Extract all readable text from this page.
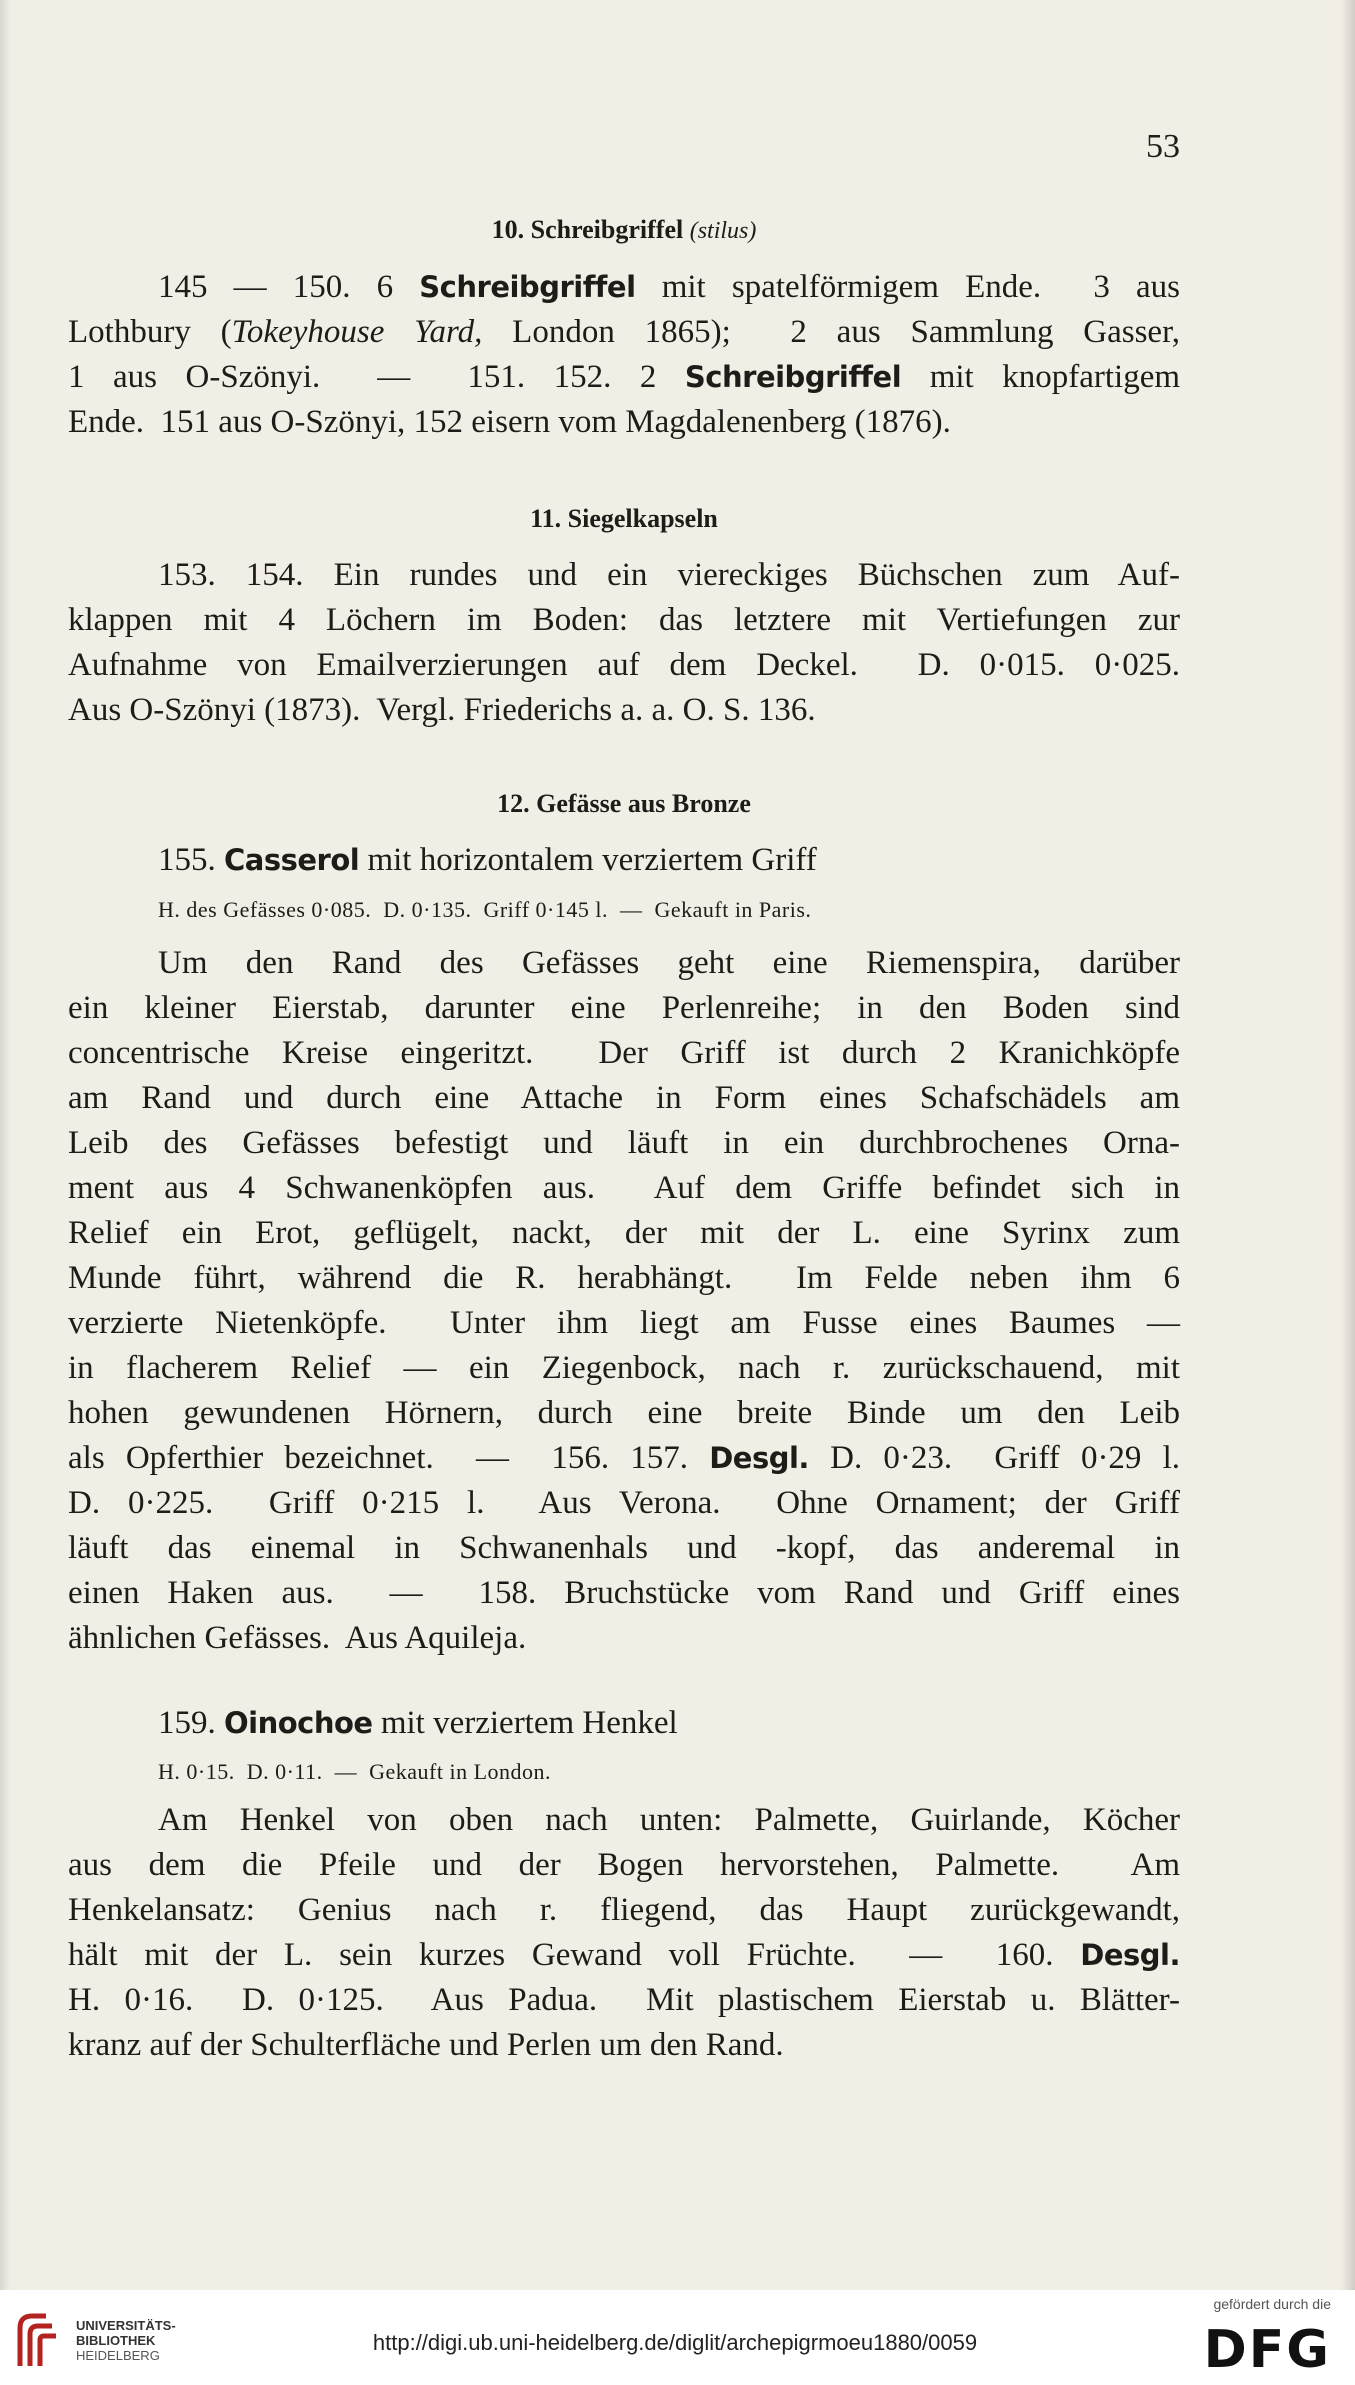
53
10. Schreibgriffel (stilus)
145 — 150. 6 Schreibgriffel mit spatelförmigem Ende.  3 aus
Lothbury (Tokeyhouse Yard, London 1865);  2 aus Sammlung Gasser,
1 aus O-Szönyi.  —  151. 152. 2 Schreibgriffel mit knopfartigem
Ende.  151 aus O-Szönyi, 152 eisern vom Magdalenenberg (1876).
11. Siegelkapseln
153. 154. Ein rundes und ein viereckiges Büchschen zum Auf-
klappen mit 4 Löchern im Boden: das letztere mit Vertiefungen zur
Aufnahme von Emailverzierungen auf dem Deckel.  D. 0·015. 0·025.
Aus O-Szönyi (1873).  Vergl. Friederichs a. a. O. S. 136.
12. Gefässe aus Bronze
155. Casserol mit horizontalem verziertem Griff
H. des Gefässes 0·085.  D. 0·135.  Griff 0·145 l.  —  Gekauft in Paris.
Um den Rand des Gefässes geht eine Riemenspira, darüber
ein kleiner Eierstab, darunter eine Perlenreihe; in den Boden sind
concentrische Kreise eingeritzt.  Der Griff ist durch 2 Kranichköpfe
am Rand und durch eine Attache in Form eines Schafschädels am
Leib des Gefässes befestigt und läuft in ein durchbrochenes Orna-
ment aus 4 Schwanenköpfen aus.  Auf dem Griffe befindet sich in
Relief ein Erot, geflügelt, nackt, der mit der L. eine Syrinx zum
Munde führt, während die R. herabhängt.  Im Felde neben ihm 6
verzierte Nietenköpfe.  Unter ihm liegt am Fusse eines Baumes —
in flacherem Relief — ein Ziegenbock, nach r. zurückschauend, mit
hohen gewundenen Hörnern, durch eine breite Binde um den Leib
als Opferthier bezeichnet.  —  156. 157. Desgl. D. 0·23.  Griff 0·29 l.
D. 0·225.  Griff 0·215 l.  Aus Verona.  Ohne Ornament; der Griff
läuft das einemal in Schwanenhals und -kopf, das anderemal in
einen Haken aus.  —  158. Bruchstücke vom Rand und Griff eines
ähnlichen Gefässes.  Aus Aquileja.
159. Oinochoe mit verziertem Henkel
H. 0·15.  D. 0·11.  —  Gekauft in London.
Am Henkel von oben nach unten: Palmette, Guirlande, Köcher
aus dem die Pfeile und der Bogen hervorstehen, Palmette.  Am
Henkelansatz: Genius nach r. fliegend, das Haupt zurückgewandt,
hält mit der L. sein kurzes Gewand voll Früchte.  —  160. Desgl.
H. 0·16.  D. 0·125.  Aus Padua.  Mit plastischem Eierstab u. Blätter-
kranz auf der Schulterfläche und Perlen um den Rand.
UNIVERSITÄTS-
BIBLIOTHEK
HEIDELBERG
http://digi.ub.uni-heidelberg.de/diglit/archepigrmoeu1880/0059
gefördert durch die
DFG
